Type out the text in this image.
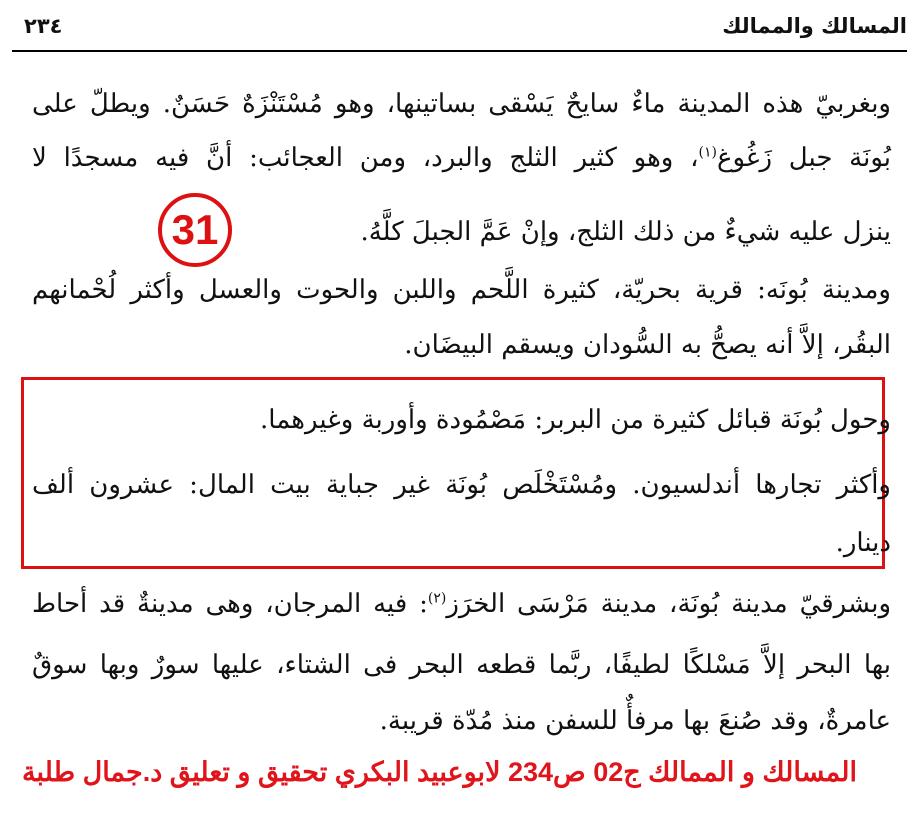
المسالك والممالك
٢٣٤
وبغربيّ هذه المدينة ماءٌ سايحٌ يَسْقى بساتينها، وهو مُسْتَنْزَهٌ حَسَنٌ. ويطلّ على
بُونَة جبل زَغُوغ$^{(١)}$، وهو كثير الثلج والبرد، ومن العجائب: أنَّ فيه مسجدًا لا
ينزل عليه شيءٌ من ذلك الثلج، وإنْ عَمَّ الجبلَ كلَّهُ.
31
ومدينة بُونَه: قرية بحريّة، كثيرة اللَّحم واللبن والحوت والعسل وأكثر لُحْمانهم
البقُر، إلاَّ أنه يصحُّ به السُّودان ويسقم البيضَان.
وحول بُونَة قبائل كثيرة من البربر: مَصْمُودة وأوربة وغيرهما.
وأكثر تجارها أندلسيون. ومُسْتَخْلَص بُونَة غير جباية بيت المال: عشرون ألف
دينار.
وبشرقيّ مدينة بُونَة، مدينة مَرْسَى الخرَز$^{(٢)}$: فيه المرجان، وهى مدينةٌ قد أحاط
بها البحر إلاَّ مَسْلكًا لطيفًا، ربَّما قطعه البحر فى الشتاء، عليها سورٌ وبها سوقٌ
عامرةٌ، وقد صُنعَ بها مرفأٌ للسفن منذ مُدّة قريبة.
المسالك و الممالك ج02 ص234 لابوعبيد البكري تحقيق و تعليق د.جمال طلبة
